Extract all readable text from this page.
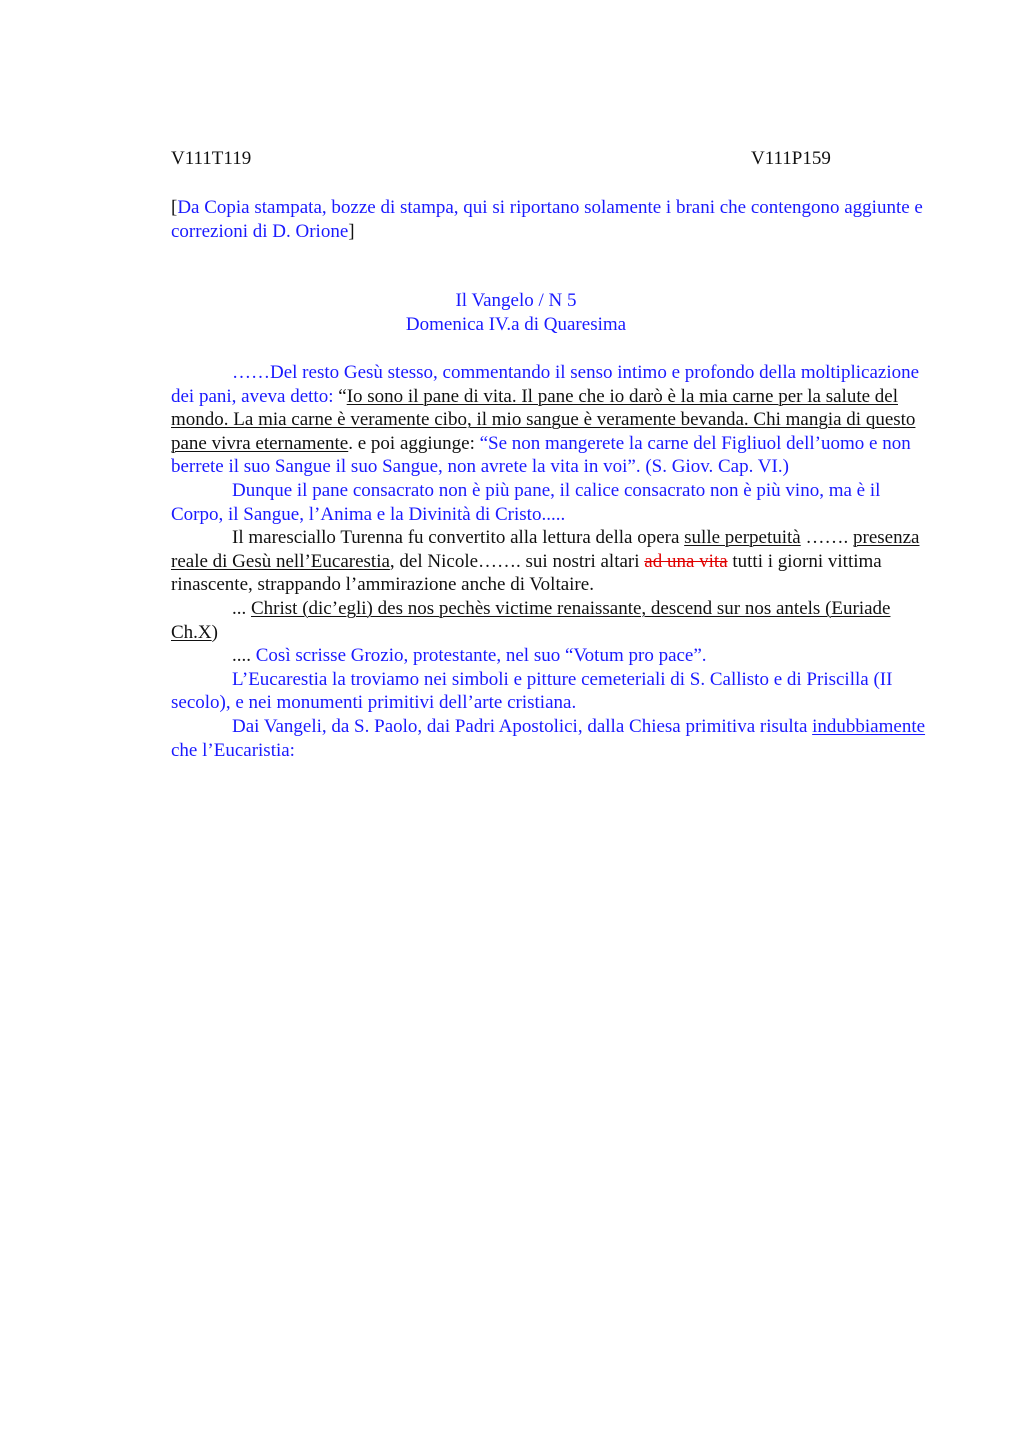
V111T119	V111P159
[Da Copia stampata, bozze di stampa, qui si riportano solamente i brani che contengono aggiunte e correzioni di D. Orione]
Il Vangelo / N 5
Domenica IV.a di Quaresima

……Del resto Gesù stesso, commentando il senso intimo e profondo della moltiplicazione dei pani, aveva detto: “Io sono il pane di vita. Il pane che io darò è la mia carne per la salute del mondo. La mia carne è veramente cibo, il mio sangue è veramente bevanda. Chi mangia di questo pane vivra eternamente. e poi aggiunge: “Se non mangerete la carne del Figliuol dell’uomo e non berrete il suo Sangue il suo Sangue, non avrete la vita in voi”. (S. Giov. Cap. VI.)

Dunque il pane consacrato non è più pane, il calice consacrato non è più vino, ma è il Corpo, il Sangue, l’Anima e la Divinità di Cristo.....

Il maresciallo Turenna fu convertito alla lettura della opera sulle perpetuità ……. presenza reale di Gesù nell’Eucarestia, del Nicole……. sui nostri altari ad una vita tutti i giorni vittima rinascente, strappando l’ammirazione anche di Voltaire.

... Christ (dic’egli) des nos pechès victime renaissante, descend sur nos antels (Euriade Ch.X)

.... Così scrisse Grozio, protestante, nel suo “Votum pro pace”.

L’Eucarestia la troviamo nei simboli e pitture cemeteriali di S. Callisto e di Priscilla (II secolo), e nei monumenti primitivi dell’arte cristiana.

Dai Vangeli, da S. Paolo, dai Padri Apostolici, dalla Chiesa primitiva risulta indubbiamente che l’Eucaristia:
